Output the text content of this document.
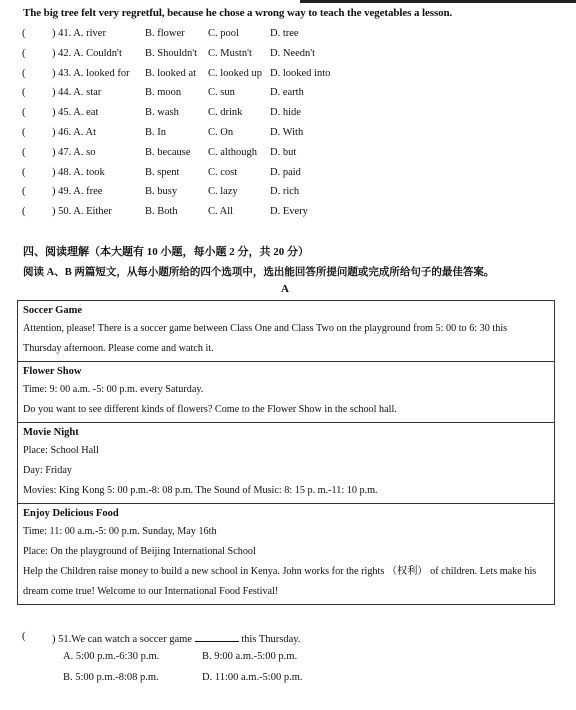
The big tree felt very regretful, because he chose a wrong way to teach the vegetables a lesson.
(	) 41. A. river	B. flower C. pool	D. tree
(	) 42. A. Couldn't B. Shouldn't C. Mustn't D. Needn't
(	) 43. A. looked for B. looked at C. looked up D. looked into
(	) 44. A. star	B. moon	C. sun	D. earth
(	) 45. A. eat	B. wash	C. drink	D. hide
(	) 46. A. At	B. In	C. On	D. With
(	) 47. A. so	B. because C. although D. but
(	) 48. A. took	B. spent	C. cost	D. paid
(	) 49. A. free	B. busy	C. lazy	D. rich
(	) 50. A. Either	B. Both	C. All	D. Every
四、阅读理解（本大题有 10 小题，每小题 2 分，共 20 分）
阅读 A、B 两篇短文，从每小题所给的四个选项中，选出能回答所提问题或完成所给句子的最佳答案。
A
Soccer Game
Attention, please! There is a soccer game between Class One and Class Two on the playground from 5: 00 to 6: 30 this
Thursday afternoon. Please come and watch it.
Flower Show
Time: 9: 00 a.m. -5: 00 p.m. every Saturday.
Do you want to see different kinds of flowers? Come to the Flower Show in the school hall.
Movie Night
Place: School Hall
Day: Friday
Movies: King Kong 5: 00 p.m.-8: 08 p.m. The Sound of Music: 8: 15 p. m.-11: 10 p.m.
Enjoy Delicious Food
Time: 11: 00 a.m.-5: 00 p.m. Sunday, May 16th
Place: On the playground of Beijing International School
Help the Children raise money to build a new school in Kenya. John works for the rights （权利） of children. Lets make his dream come true! Welcome to our International Food Festival!
(	) 51.We can watch a soccer game	this Thursday.
A. 5:00 p.m.-6:30 p.m.	B. 9:00 a.m.-5:00 p.m.
B. 5:00 p.m.-8:08 p.m.	D. 11:00 a.m.-5:00 p.m.
